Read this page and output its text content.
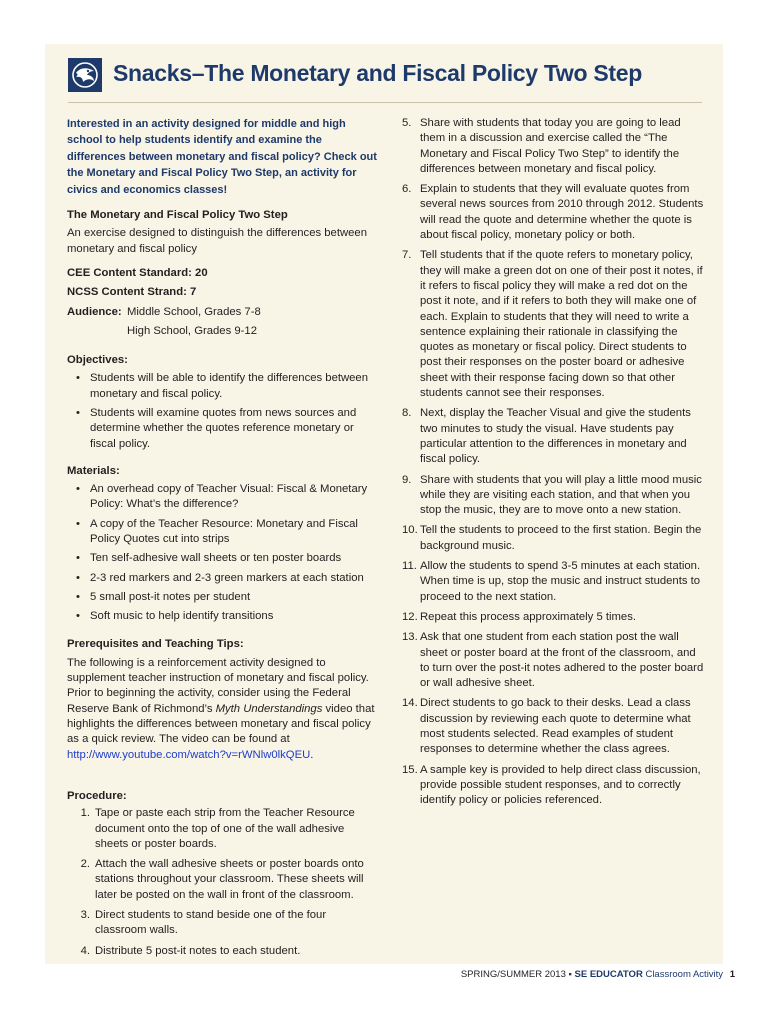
Snacks–The Monetary and Fiscal Policy Two Step

Interested in an activity designed for middle and high school to help students identify and examine the differences between monetary and fiscal policy? Check out the Monetary and Fiscal Policy Two Step, an activity for civics and economics classes!

The Monetary and Fiscal Policy Two Step

An exercise designed to distinguish the differences between monetary and fiscal policy

CEE Content Standard: 20

NCSS Content Strand: 7

Audience: Middle School, Grades 7-8
High School, Grades 9-12

Objectives:

• Students will be able to identify the differences between monetary and fiscal policy.
• Students will examine quotes from news sources and determine whether the quotes reference monetary or fiscal policy.

Materials:

• An overhead copy of Teacher Visual: Fiscal & Monetary Policy: What’s the difference?
• A copy of the Teacher Resource: Monetary and Fiscal Policy Quotes cut into strips
• Ten self-adhesive wall sheets or ten poster boards
• 2-3 red markers and 2-3 green markers at each station
• 5 small post-it notes per student
• Soft music to help identify transitions

Prerequisites and Teaching Tips:

The following is a reinforcement activity designed to supplement teacher instruction of monetary and fiscal policy. Prior to beginning the activity, consider using the Federal Reserve Bank of Richmond’s Myth Understandings video that highlights the differences between monetary and fiscal policy as a quick review. The video can be found at http://www.youtube.com/watch?v=rWNlw0lkQEU.

Procedure:

1. Tape or paste each strip from the Teacher Resource document onto the top of one of the wall adhesive sheets or poster boards.
2. Attach the wall adhesive sheets or poster boards onto stations throughout your classroom. These sheets will later be posted on the wall in front of the classroom.
3. Direct students to stand beside one of the four classroom walls.
4. Distribute 5 post-it notes to each student.
5. Share with students that today you are going to lead them in a discussion and exercise called the “The Monetary and Fiscal Policy Two Step” to identify the differences between monetary and fiscal policy.
6. Explain to students that they will evaluate quotes from several news sources from 2010 through 2012. Students will read the quote and determine whether the quote is about fiscal policy, monetary policy or both.
7. Tell students that if the quote refers to monetary policy, they will make a green dot on one of their post it notes, if it refers to fiscal policy they will make a red dot on the post it note, and if it refers to both they will make one of each. Explain to students that they will need to write a sentence explaining their rationale in classifying the quotes as monetary or fiscal policy. Direct students to post their responses on the poster board or adhesive sheet with their response facing down so that other students cannot see their responses.
8. Next, display the Teacher Visual and give the students two minutes to study the visual. Have students pay particular attention to the differences in monetary and fiscal policy.
9. Share with students that you will play a little mood music while they are visiting each station, and that when you stop the music, they are to move onto a new station.
10. Tell the students to proceed to the first station. Begin the background music.
11. Allow the students to spend 3-5 minutes at each station. When time is up, stop the music and instruct students to proceed to the next station.
12. Repeat this process approximately 5 times.
13. Ask that one student from each station post the wall sheet or poster board at the front of the classroom, and to turn over the post-it notes adhered to the poster board or wall adhesive sheet.
14. Direct students to go back to their desks. Lead a class discussion by reviewing each quote to determine what most students selected. Read examples of student responses to determine whether the class agrees.
15. A sample key is provided to help direct class discussion, provide possible student responses, and to correctly identify policy or policies referenced.
SPRING/SUMMER 2013 ▪ SE EDUCATOR Classroom Activity 1
